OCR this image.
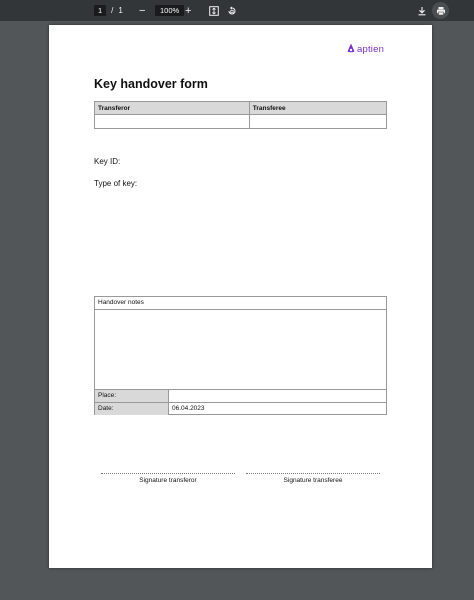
1	/ 1 −	100% +
aptien
Key handover form
Transferor	Transferee

Key ID:
Type of key:
Handover notes
Place:
Date:	06.04.2023
Signature transferor	Signature transferee
